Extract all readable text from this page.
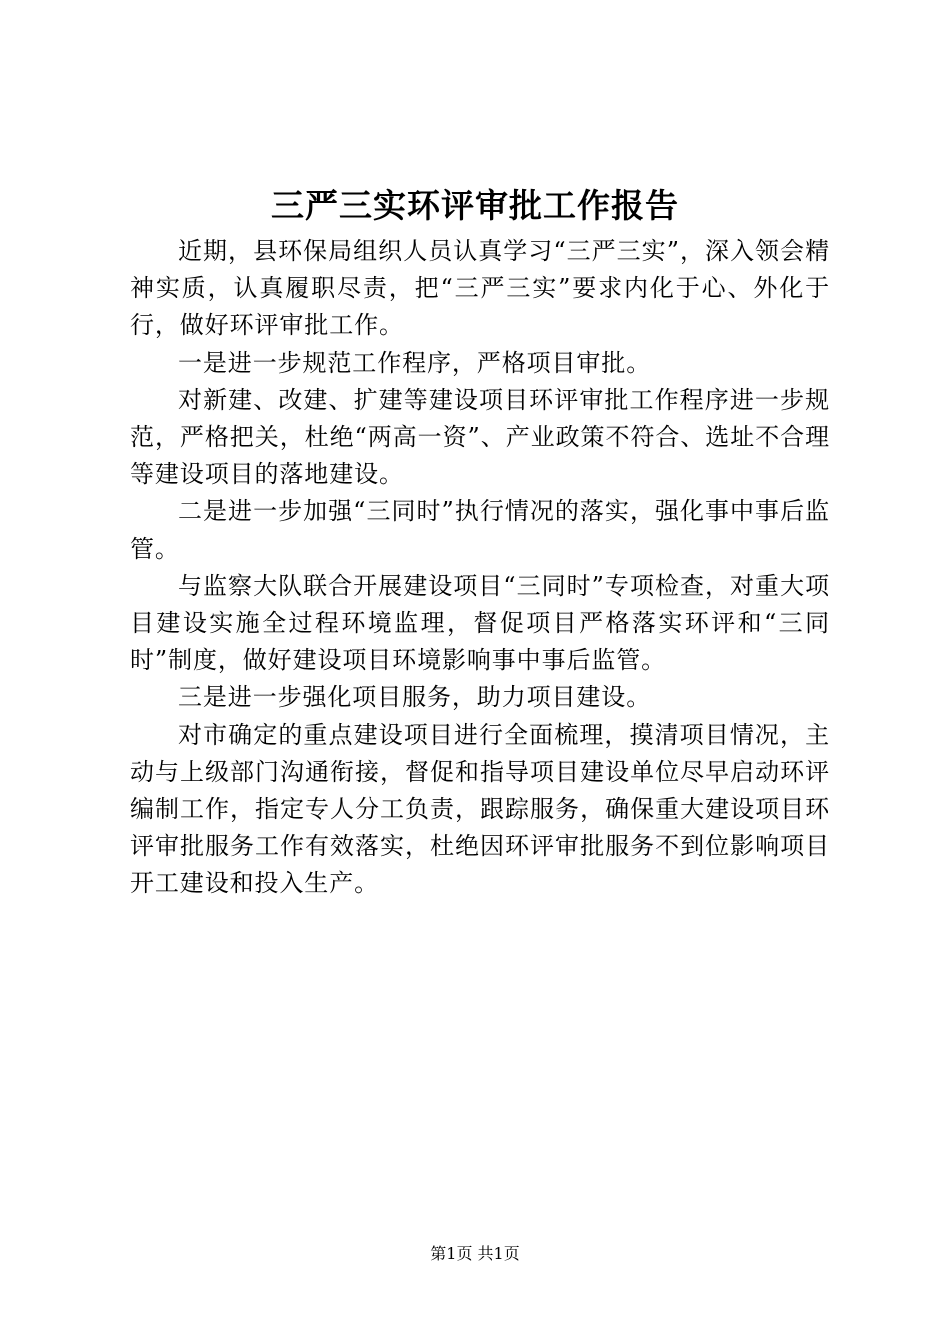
三严三实环评审批工作报告

近期，县环保局组织人员认真学习“三严三实”，深入领会精神实质，认真履职尽责，把“三严三实”要求内化于心、外化于行，做好环评审批工作。

一是进一步规范工作程序，严格项目审批。

对新建、改建、扩建等建设项目环评审批工作程序进一步规范，严格把关，杜绝“两高一资”、产业政策不符合、选址不合理等建设项目的落地建设。

二是进一步加强“三同时”执行情况的落实，强化事中事后监管。

与监察大队联合开展建设项目“三同时”专项检查，对重大项目建设实施全过程环境监理，督促项目严格落实环评和“三同时”制度，做好建设项目环境影响事中事后监管。

三是进一步强化项目服务，助力项目建设。

对市确定的重点建设项目进行全面梳理，摸清项目情况，主动与上级部门沟通衔接，督促和指导项目建设单位尽早启动环评编制工作，指定专人分工负责，跟踪服务，确保重大建设项目环评审批服务工作有效落实，杜绝因环评审批服务不到位影响项目开工建设和投入生产。

第1页 共1页
